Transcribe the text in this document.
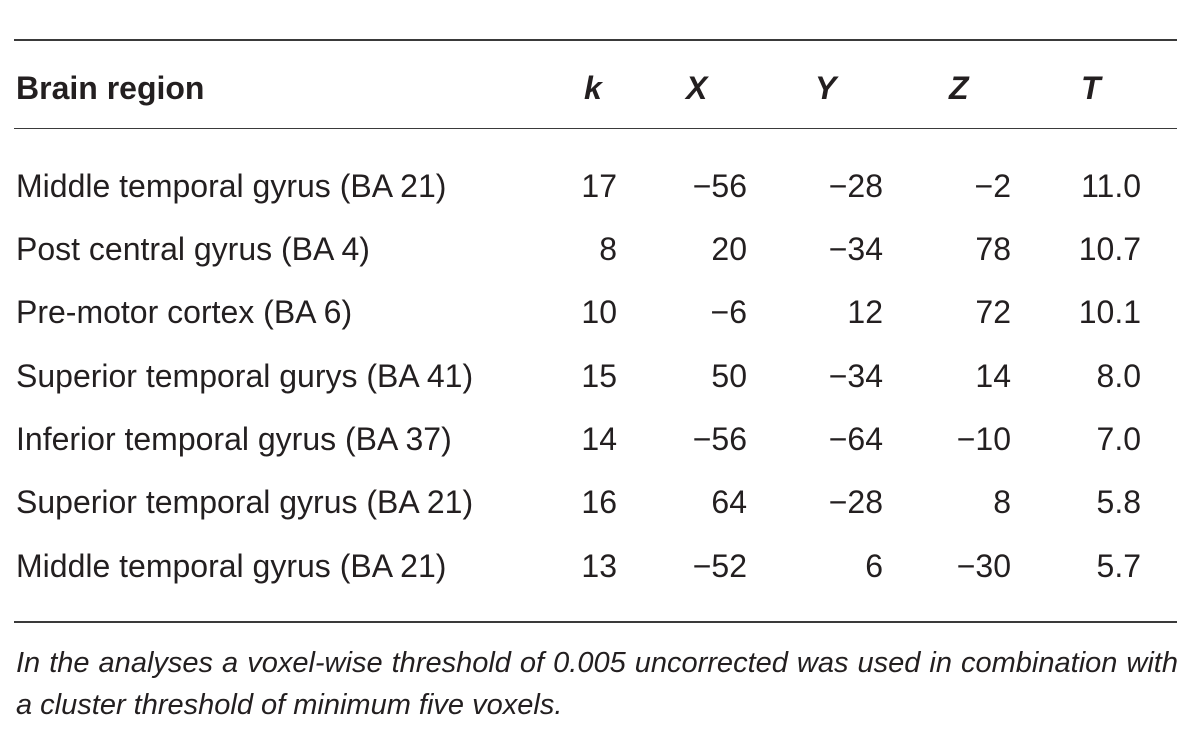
Brain region	k	X	Y	Z	T
Middle temporal gyrus (BA 21)	17	−56	−28	−2	11.0
Post central gyrus (BA 4)	8	20	−34	78	10.7
Pre-motor cortex (BA 6)	10	−6	12	72	10.1
Superior temporal gurys (BA 41)	15	50	−34	14	8.0
Inferior temporal gyrus (BA 37)	14	−56	−64	−10	7.0
Superior temporal gyrus (BA 21)	16	64	−28	8	5.8
Middle temporal gyrus (BA 21)	13	−52	6	−30	5.7
In the analyses a voxel-wise threshold of 0.005 uncorrected was used in combination with a cluster threshold of minimum five voxels.
